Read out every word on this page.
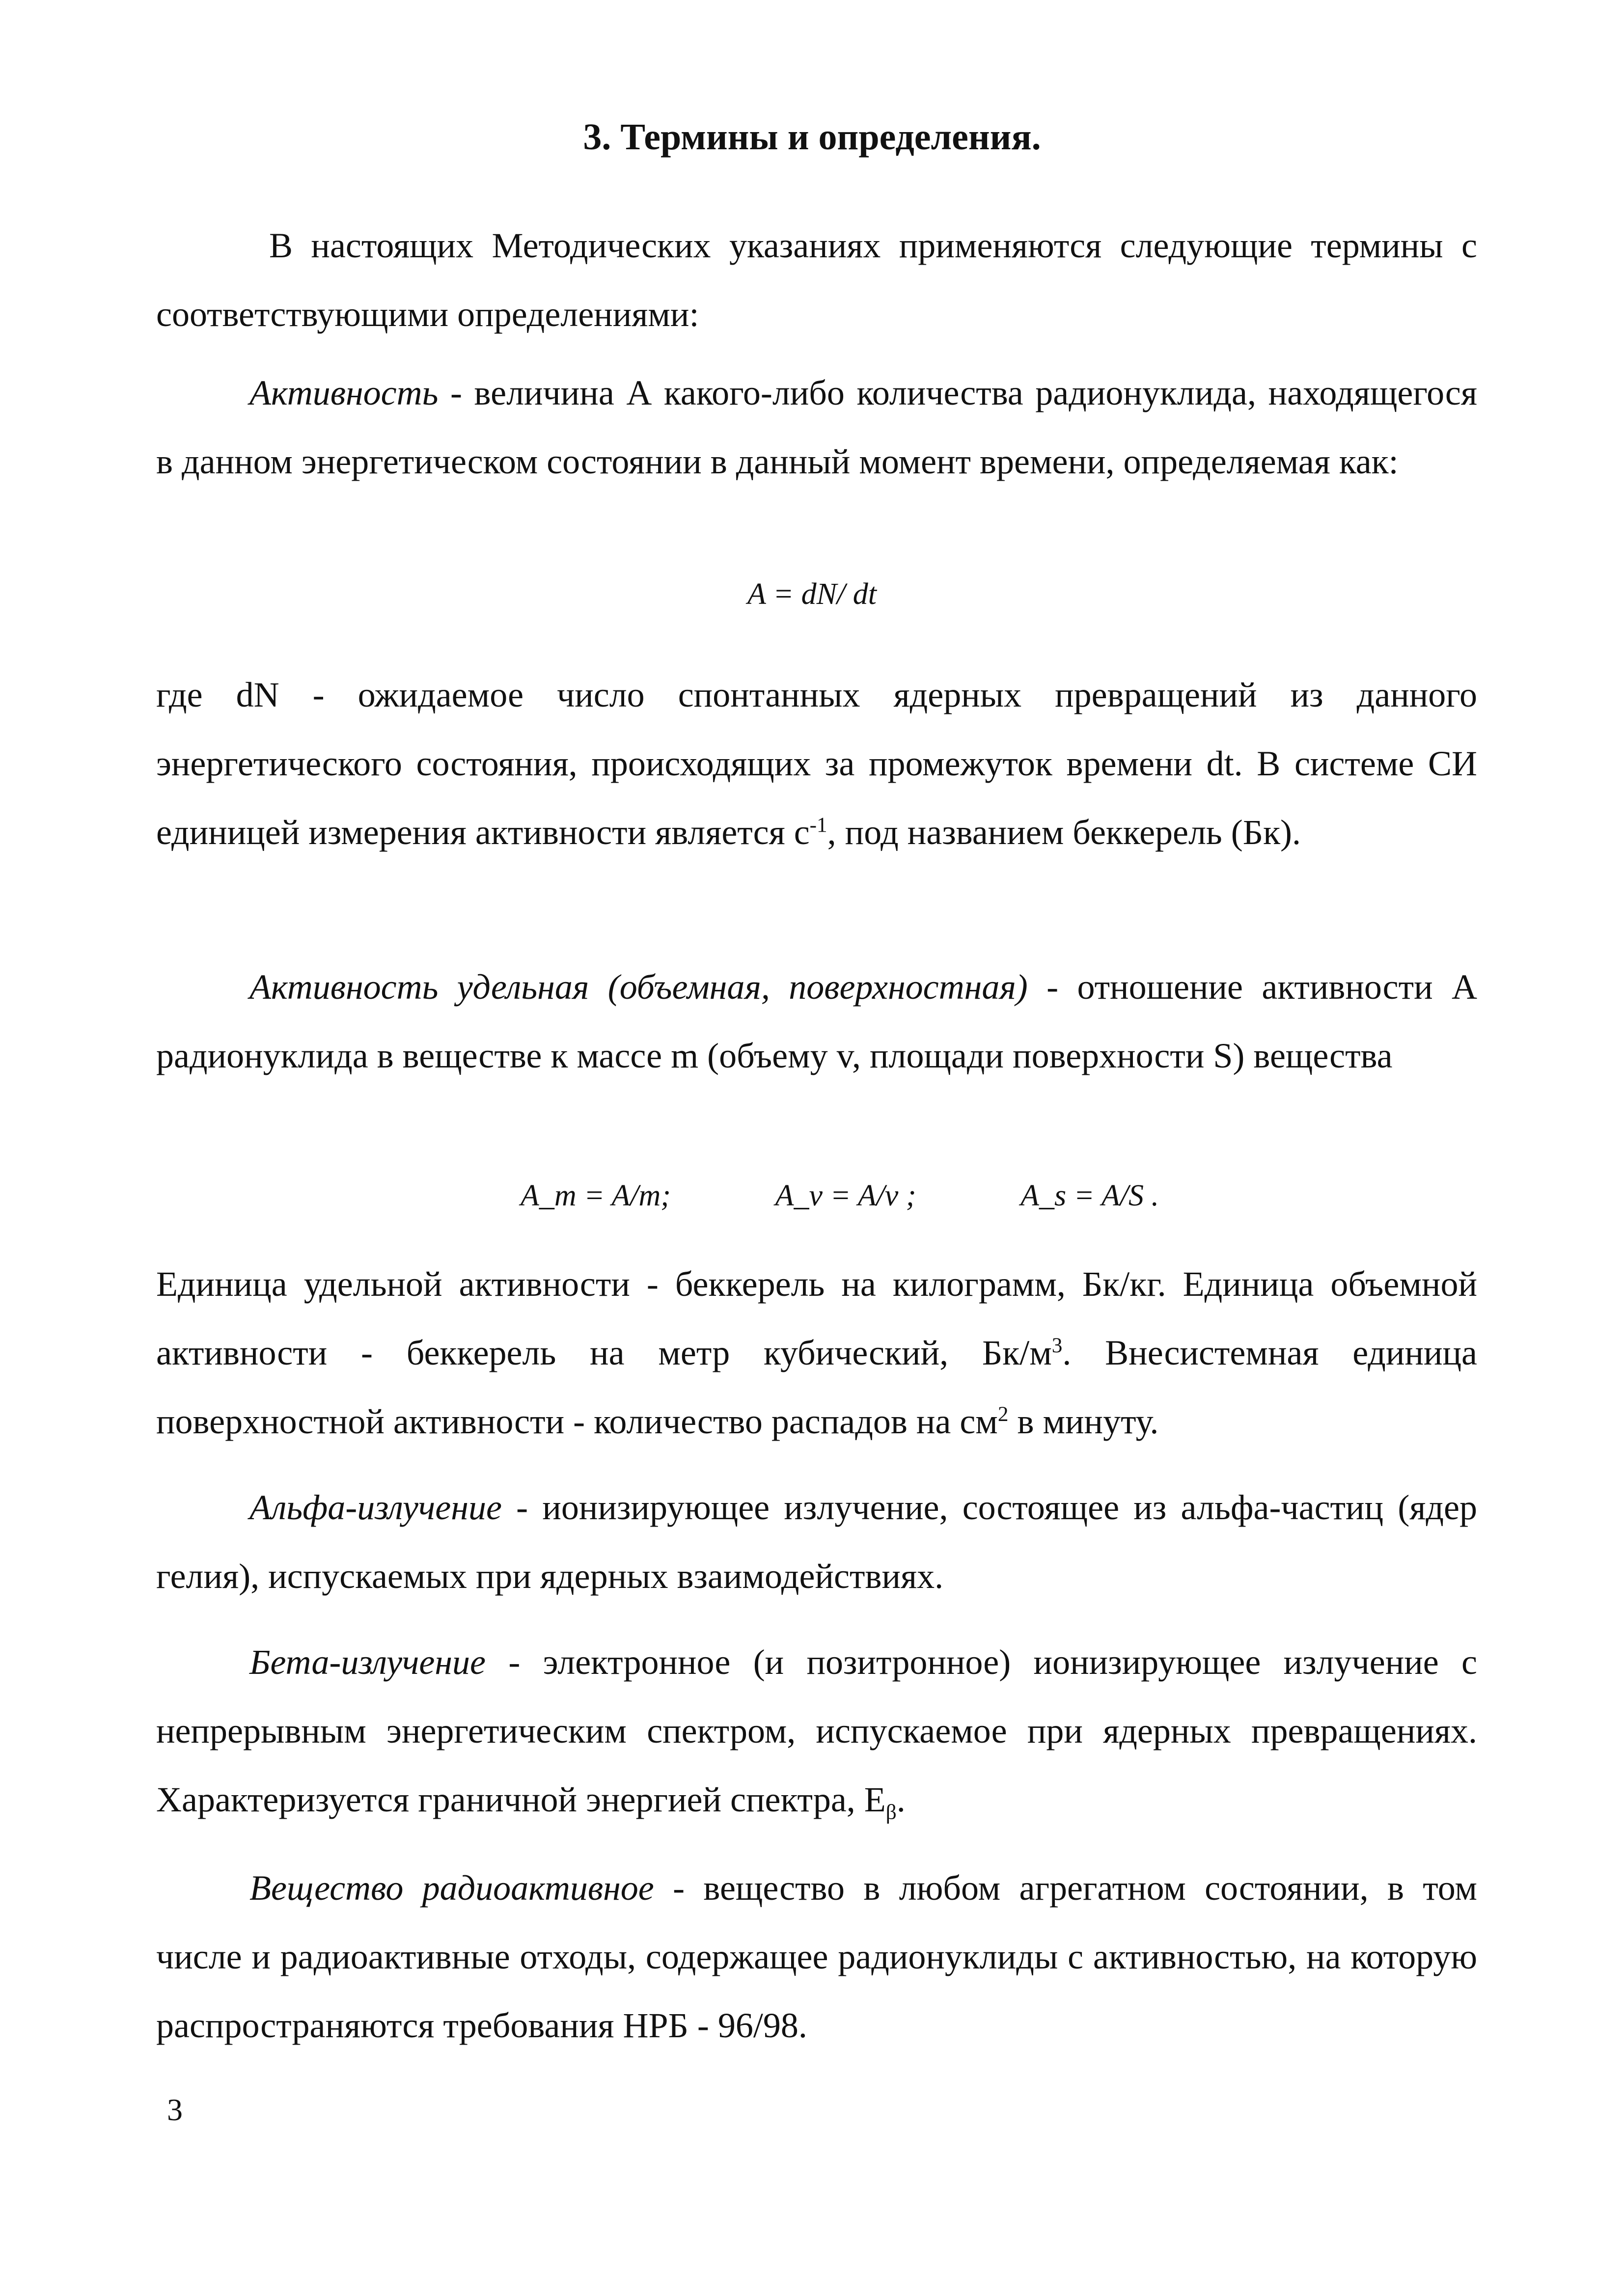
3. Термины и определения.
В настоящих Методических указаниях применяются следующие термины с соответствующими определениями:
Активность - величина А какого-либо количества радионуклида, находящегося в данном энергетическом состоянии в данный момент времени, определяемая как:
A = dN/ dt
где dN - ожидаемое число спонтанных ядерных превращений из данного энергетического состояния, происходящих за промежуток времени dt. В системе СИ единицей измерения активности является $с^{-1}$, под названием беккерель (Бк).
Активность удельная (объемная, поверхностная) - отношение активности А радионуклида в веществе к массе m (объему v, площади поверхности S) вещества
A_m = A/m;	A_v = A/v ;	A_s = A/S .
Единица удельной активности - беккерель на килограмм, Бк/кг. Единица объемной активности - беккерель на метр кубический, $Бк/м^3$. Внесистемная единица поверхностной активности - количество распадов на $см^2$ в минуту.
Альфа-излучение - ионизирующее излучение, состоящее из альфа-частиц (ядер гелия), испускаемых при ядерных взаимодействиях.
Бета-излучение - электронное (и позитронное) ионизирующее излучение с непрерывным энергетическим спектром, испускаемое при ядерных превращениях. Характеризуется граничной энергией спектра, $Е_\beta$.
Вещество радиоактивное - вещество в любом агрегатном состоянии, в том числе и радиоактивные отходы, содержащее радионуклиды с активностью, на которую распространяются требования НРБ - 96/98.
3
